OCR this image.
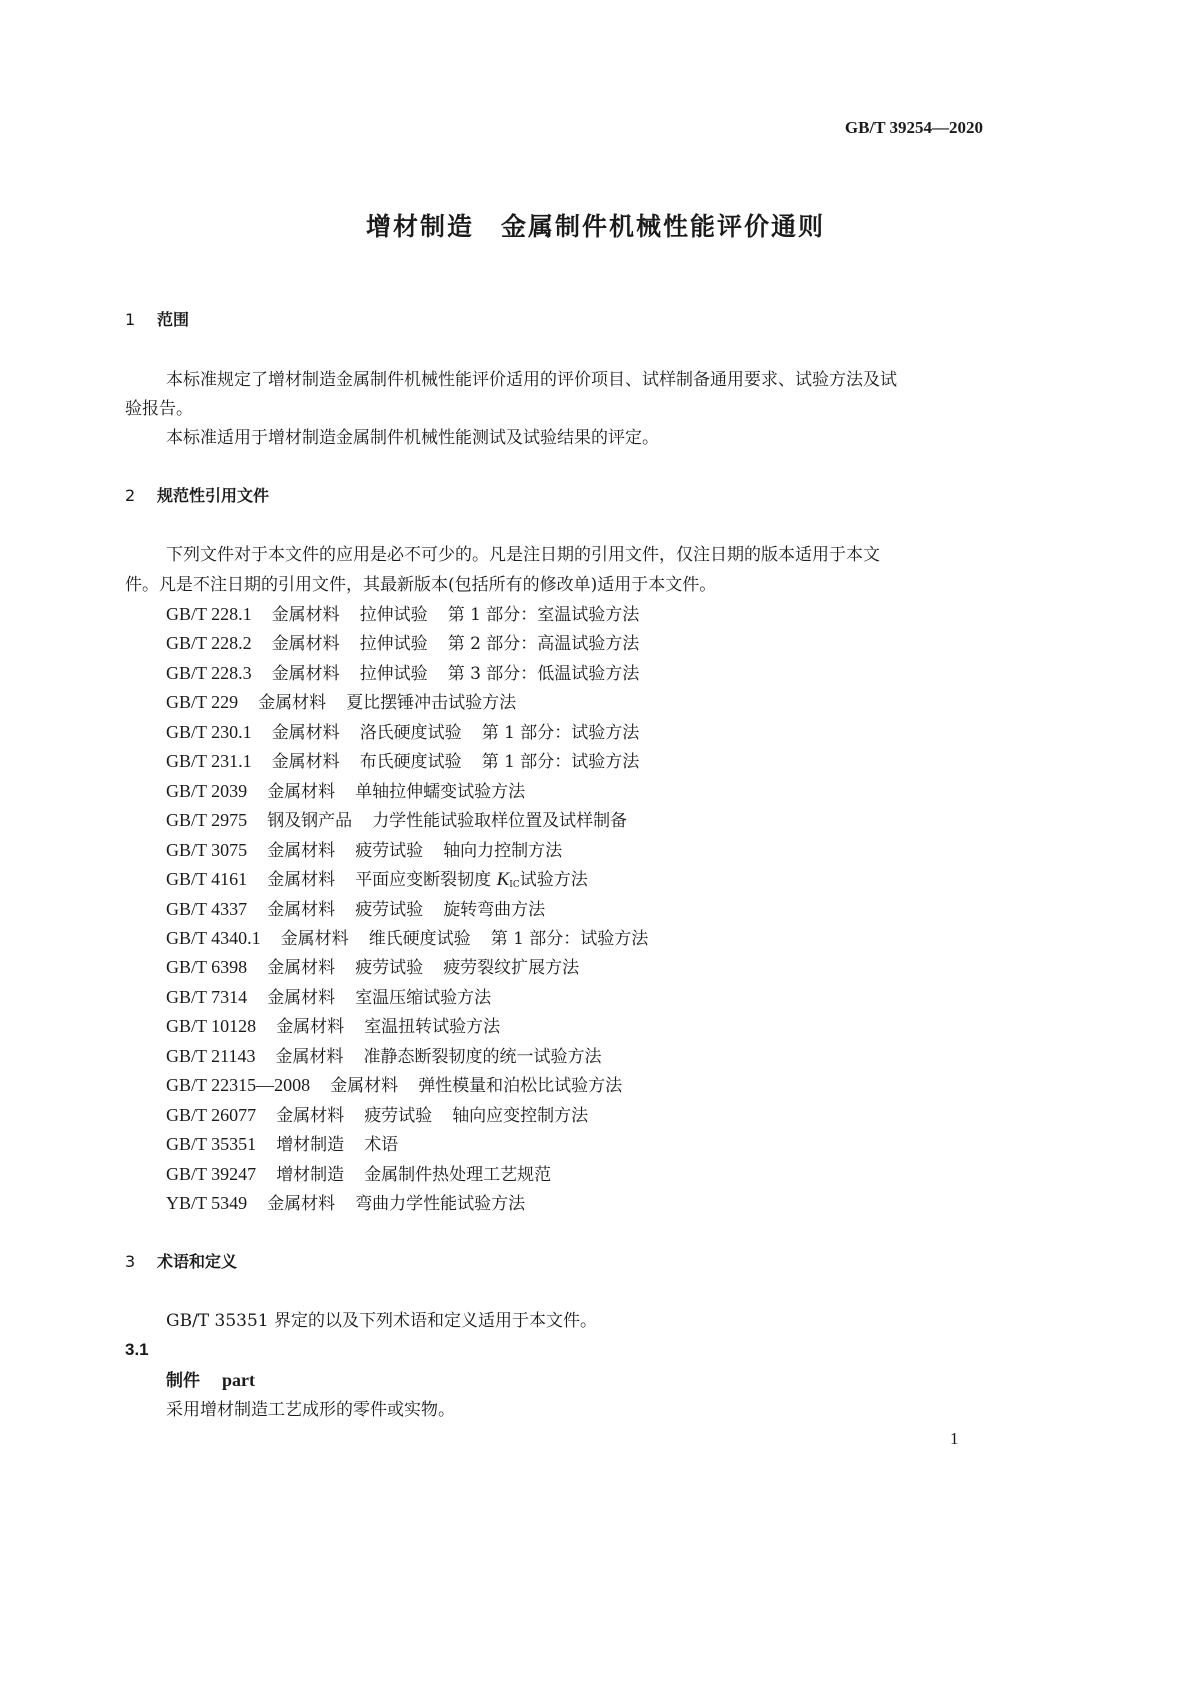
GB/T 39254—2020
增材制造　金属制件机械性能评价通则
1 范围
本标准规定了增材制造金属制件机械性能评价适用的评价项目、试样制备通用要求、试验方法及试
验报告。
本标准适用于增材制造金属制件机械性能测试及试验结果的评定。
2 规范性引用文件
下列文件对于本文件的应用是必不可少的。凡是注日期的引用文件，仅注日期的版本适用于本文
件。凡是不注日期的引用文件，其最新版本(包括所有的修改单)适用于本文件。
GB/T 228.1 金属材料 拉伸试验 第 1 部分：室温试验方法
GB/T 228.2 金属材料 拉伸试验 第 2 部分：高温试验方法
GB/T 228.3 金属材料 拉伸试验 第 3 部分：低温试验方法
GB/T 229 金属材料 夏比摆锤冲击试验方法
GB/T 230.1 金属材料 洛氏硬度试验 第 1 部分：试验方法
GB/T 231.1 金属材料 布氏硬度试验 第 1 部分：试验方法
GB/T 2039 金属材料 单轴拉伸蠕变试验方法
GB/T 2975 钢及钢产品 力学性能试验取样位置及试样制备
GB/T 3075 金属材料 疲劳试验 轴向力控制方法
GB/T 4161 金属材料 平面应变断裂韧度 $K_{IC}$试验方法
GB/T 4337 金属材料 疲劳试验 旋转弯曲方法
GB/T 4340.1 金属材料 维氏硬度试验 第 1 部分：试验方法
GB/T 6398 金属材料 疲劳试验 疲劳裂纹扩展方法
GB/T 7314 金属材料 室温压缩试验方法
GB/T 10128 金属材料 室温扭转试验方法
GB/T 21143 金属材料 准静态断裂韧度的统一试验方法
GB/T 22315—2008 金属材料 弹性模量和泊松比试验方法
GB/T 26077 金属材料 疲劳试验 轴向应变控制方法
GB/T 35351 增材制造 术语
GB/T 39247 增材制造 金属制件热处理工艺规范
YB/T 5349 金属材料 弯曲力学性能试验方法
3 术语和定义
GB/T 35351 界定的以及下列术语和定义适用于本文件。
3.1
制件 part
采用增材制造工艺成形的零件或实物。
1
